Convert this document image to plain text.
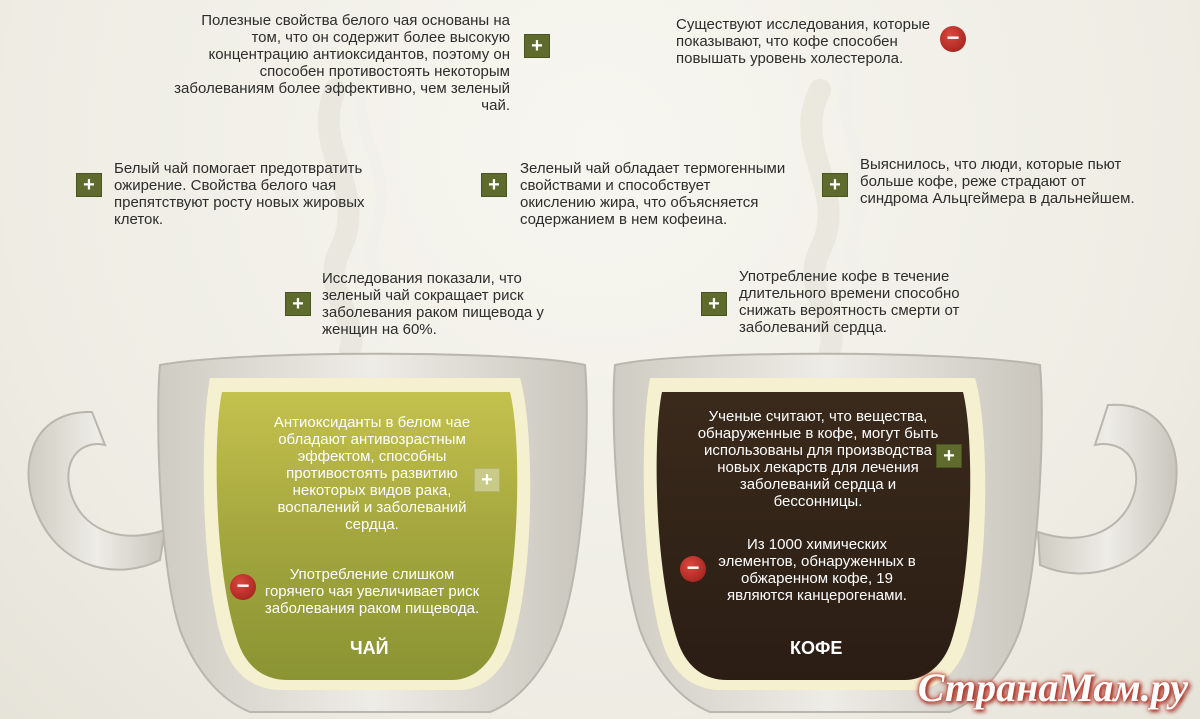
Полезные свойства белого чая основаны на том, что он содержит более высокую концентрацию антиоксидантов, поэтому он способен противостоять некоторым заболеваниям более эффективно, чем зеленый чай.
+
+
Белый чай помогает предотвратить ожирение. Свойства белого чая препятствуют росту новых жировых клеток.
+
Зеленый чай обладает термогенными свойствами и способствует окислению жира, что объясняется содержанием в нем кофеина.
+
Исследования показали, что зеленый чай сокращает риск заболевания раком пищевода у женщин на 60%.
Существуют исследования, которые показывают, что кофе способен повышать уровень холестерола.
−
+
Выяснилось, что люди, которые пьют больше кофе, реже страдают от синдрома Альцгеймера в дальнейшем.
+
Употребление кофе в течение длительного времени способно снижать вероятность смерти от заболеваний сердца.
Антиоксиданты в белом чае обладают антивозрастным эффектом, способны противостоять развитию некоторых видов рака, воспалений и заболеваний сердца.
+
−	Употребление слишком горячего чая увеличивает риск заболевания раком пищевода.
ЧАЙ
Ученые считают, что вещества, обнаруженные в кофе, могут быть использованы для производства новых лекарств для лечения заболеваний сердца и бессонницы.
+
−
Из 1000 химических элементов, обнаруженных в обжаренном кофе, 19 являются канцерогенами.
КОФЕ
СтранаМам.ру
